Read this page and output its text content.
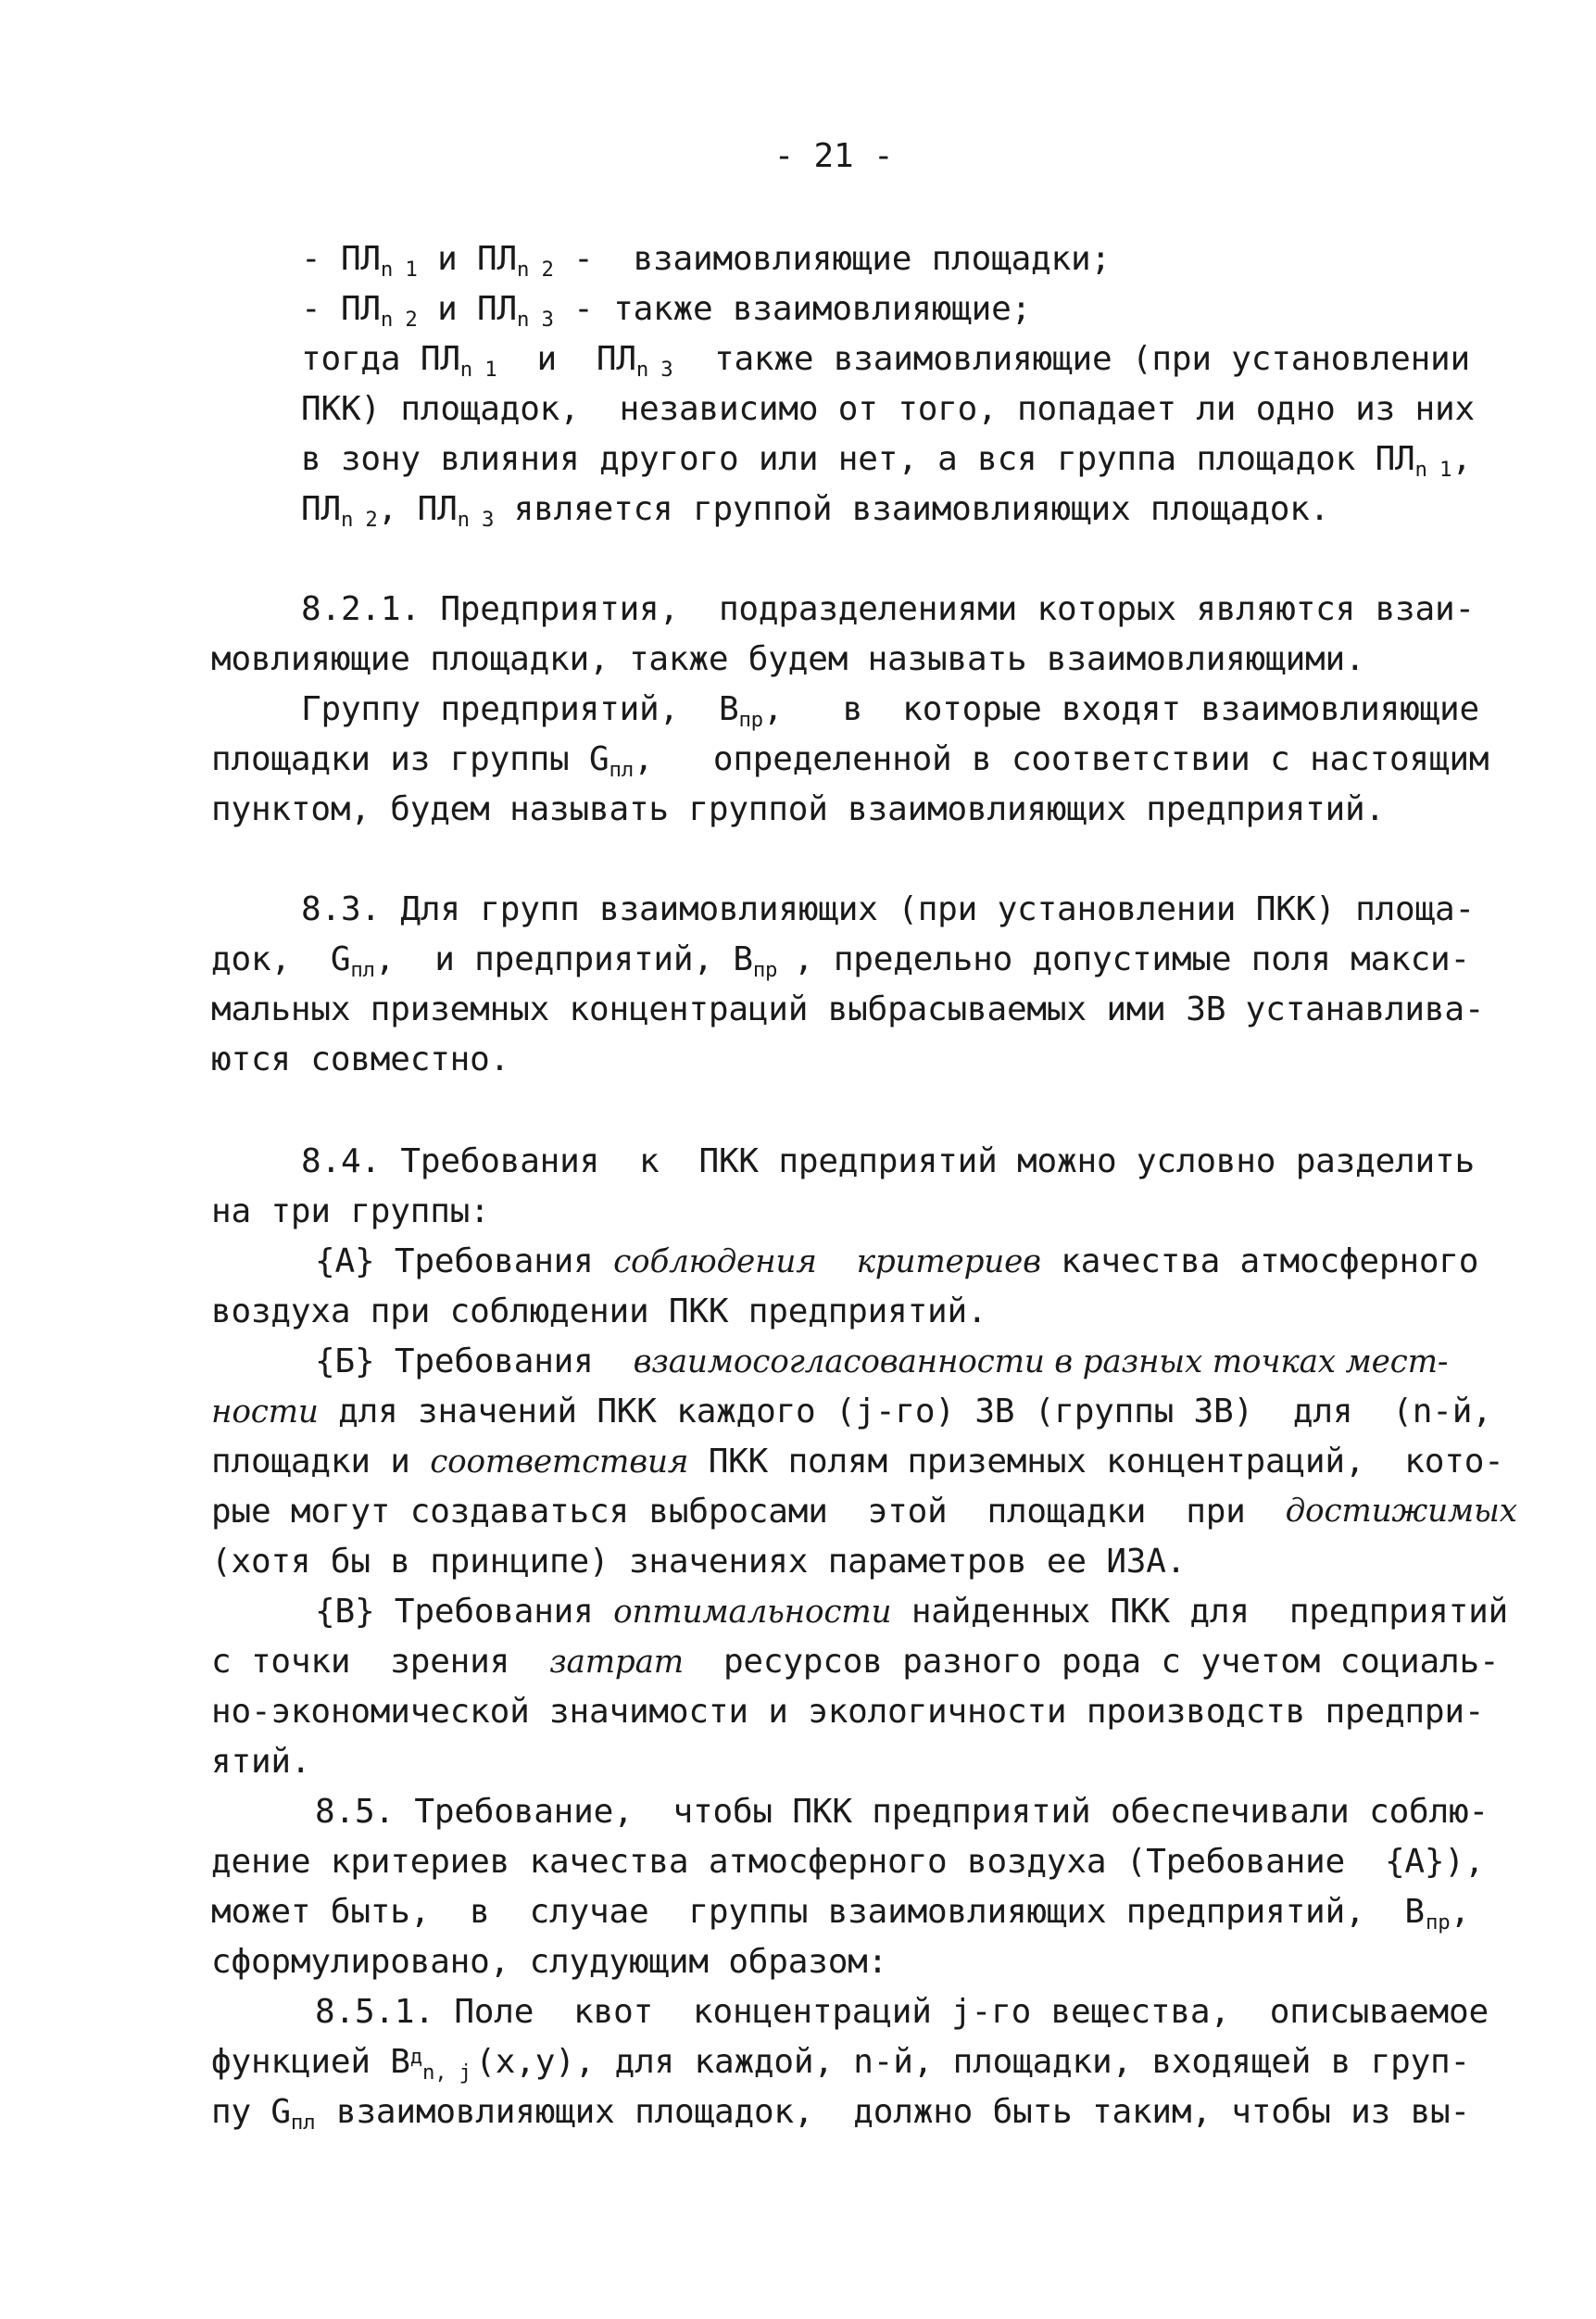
- 21 -
- $ПЛ_{n 1}$ и $ПЛ_{n 2}$ -  взаимовлияющие площадки;
- $ПЛ_{n 2}$ и $ПЛ_{n 3}$ - также взаимовлияющие;
тогда $ПЛ_{n 1}$  и  $ПЛ_{n 3}$ также взаимовлияющие (при установлении
ПКК) площадок,  независимо от того, попадает ли одно из них
в зону влияния другого или нет, а вся группа площадок $ПЛ_{n 1}$,
$ПЛ_{n 2}$, $ПЛ_{n 3}$ является группой взаимовлияющих площадок.
8.2.1. Предприятия,  подразделениями которых являются взаи-
мовлияющие площадки, также будем называть взаимовлияющими.
Группу предприятий,  $B_{пр}$ ,   в  которые входят взаимовлияющие
площадки из группы $G_{пл}$ ,   определенной в соответствии с настоящим
пунктом, будем называть группой взаимовлияющих предприятий.
8.3. Для групп взаимовлияющих (при установлении ПКК) площа-
док,  $G_{пл}$,  и предприятий, $B_{пр}$ , предельно допустимые поля макси-
мальных приземных концентраций выбрасываемых ими ЗВ устанавлива-
ются совместно.
8.4. Требования  к  ПКК предприятий можно условно разделить
на три группы:
{A} Требования соблюдения критериев качества атмосферного
воздуха при соблюдении ПКК предприятий.
{Б} Требования  взаимосогласованности в разных точках мест-
ности для значений ПКК каждого (j-го) ЗВ (группы ЗВ)  для  (n-й,
площадки и соответствия ПКК полям приземных концентраций,  кото-
рые могут создаваться выбросами  этой  площадки  при достижимых
(хотя бы в принципе) значениях параметров ее ИЗА.
{В} Требования оптимальности найденных ПКК для  предприятий
с точки  зрения  затрат ресурсов разного рода с учетом социаль-
но-экономической значимости и экологичности производств предпри-
ятий.
8.5. Требование,  чтобы ПКК предприятий обеспечивали соблю-
дение критериев качества атмосферного воздуха (Требование  {A}),
может быть,  в  случае  группы взаимовлияющих предприятий,  B $_{пр}$,
сформулировано, слудующим образом:
8.5.1. Поле  квот  концентраций j-го вещества,  описываемое
функцией $B^д_{n, j}$ (x,y), для каждой, n-й, площадки, входящей в груп-
пу $G_{пл}$ взаимовлияющих площадок,  должно быть таким, чтобы из вы-
